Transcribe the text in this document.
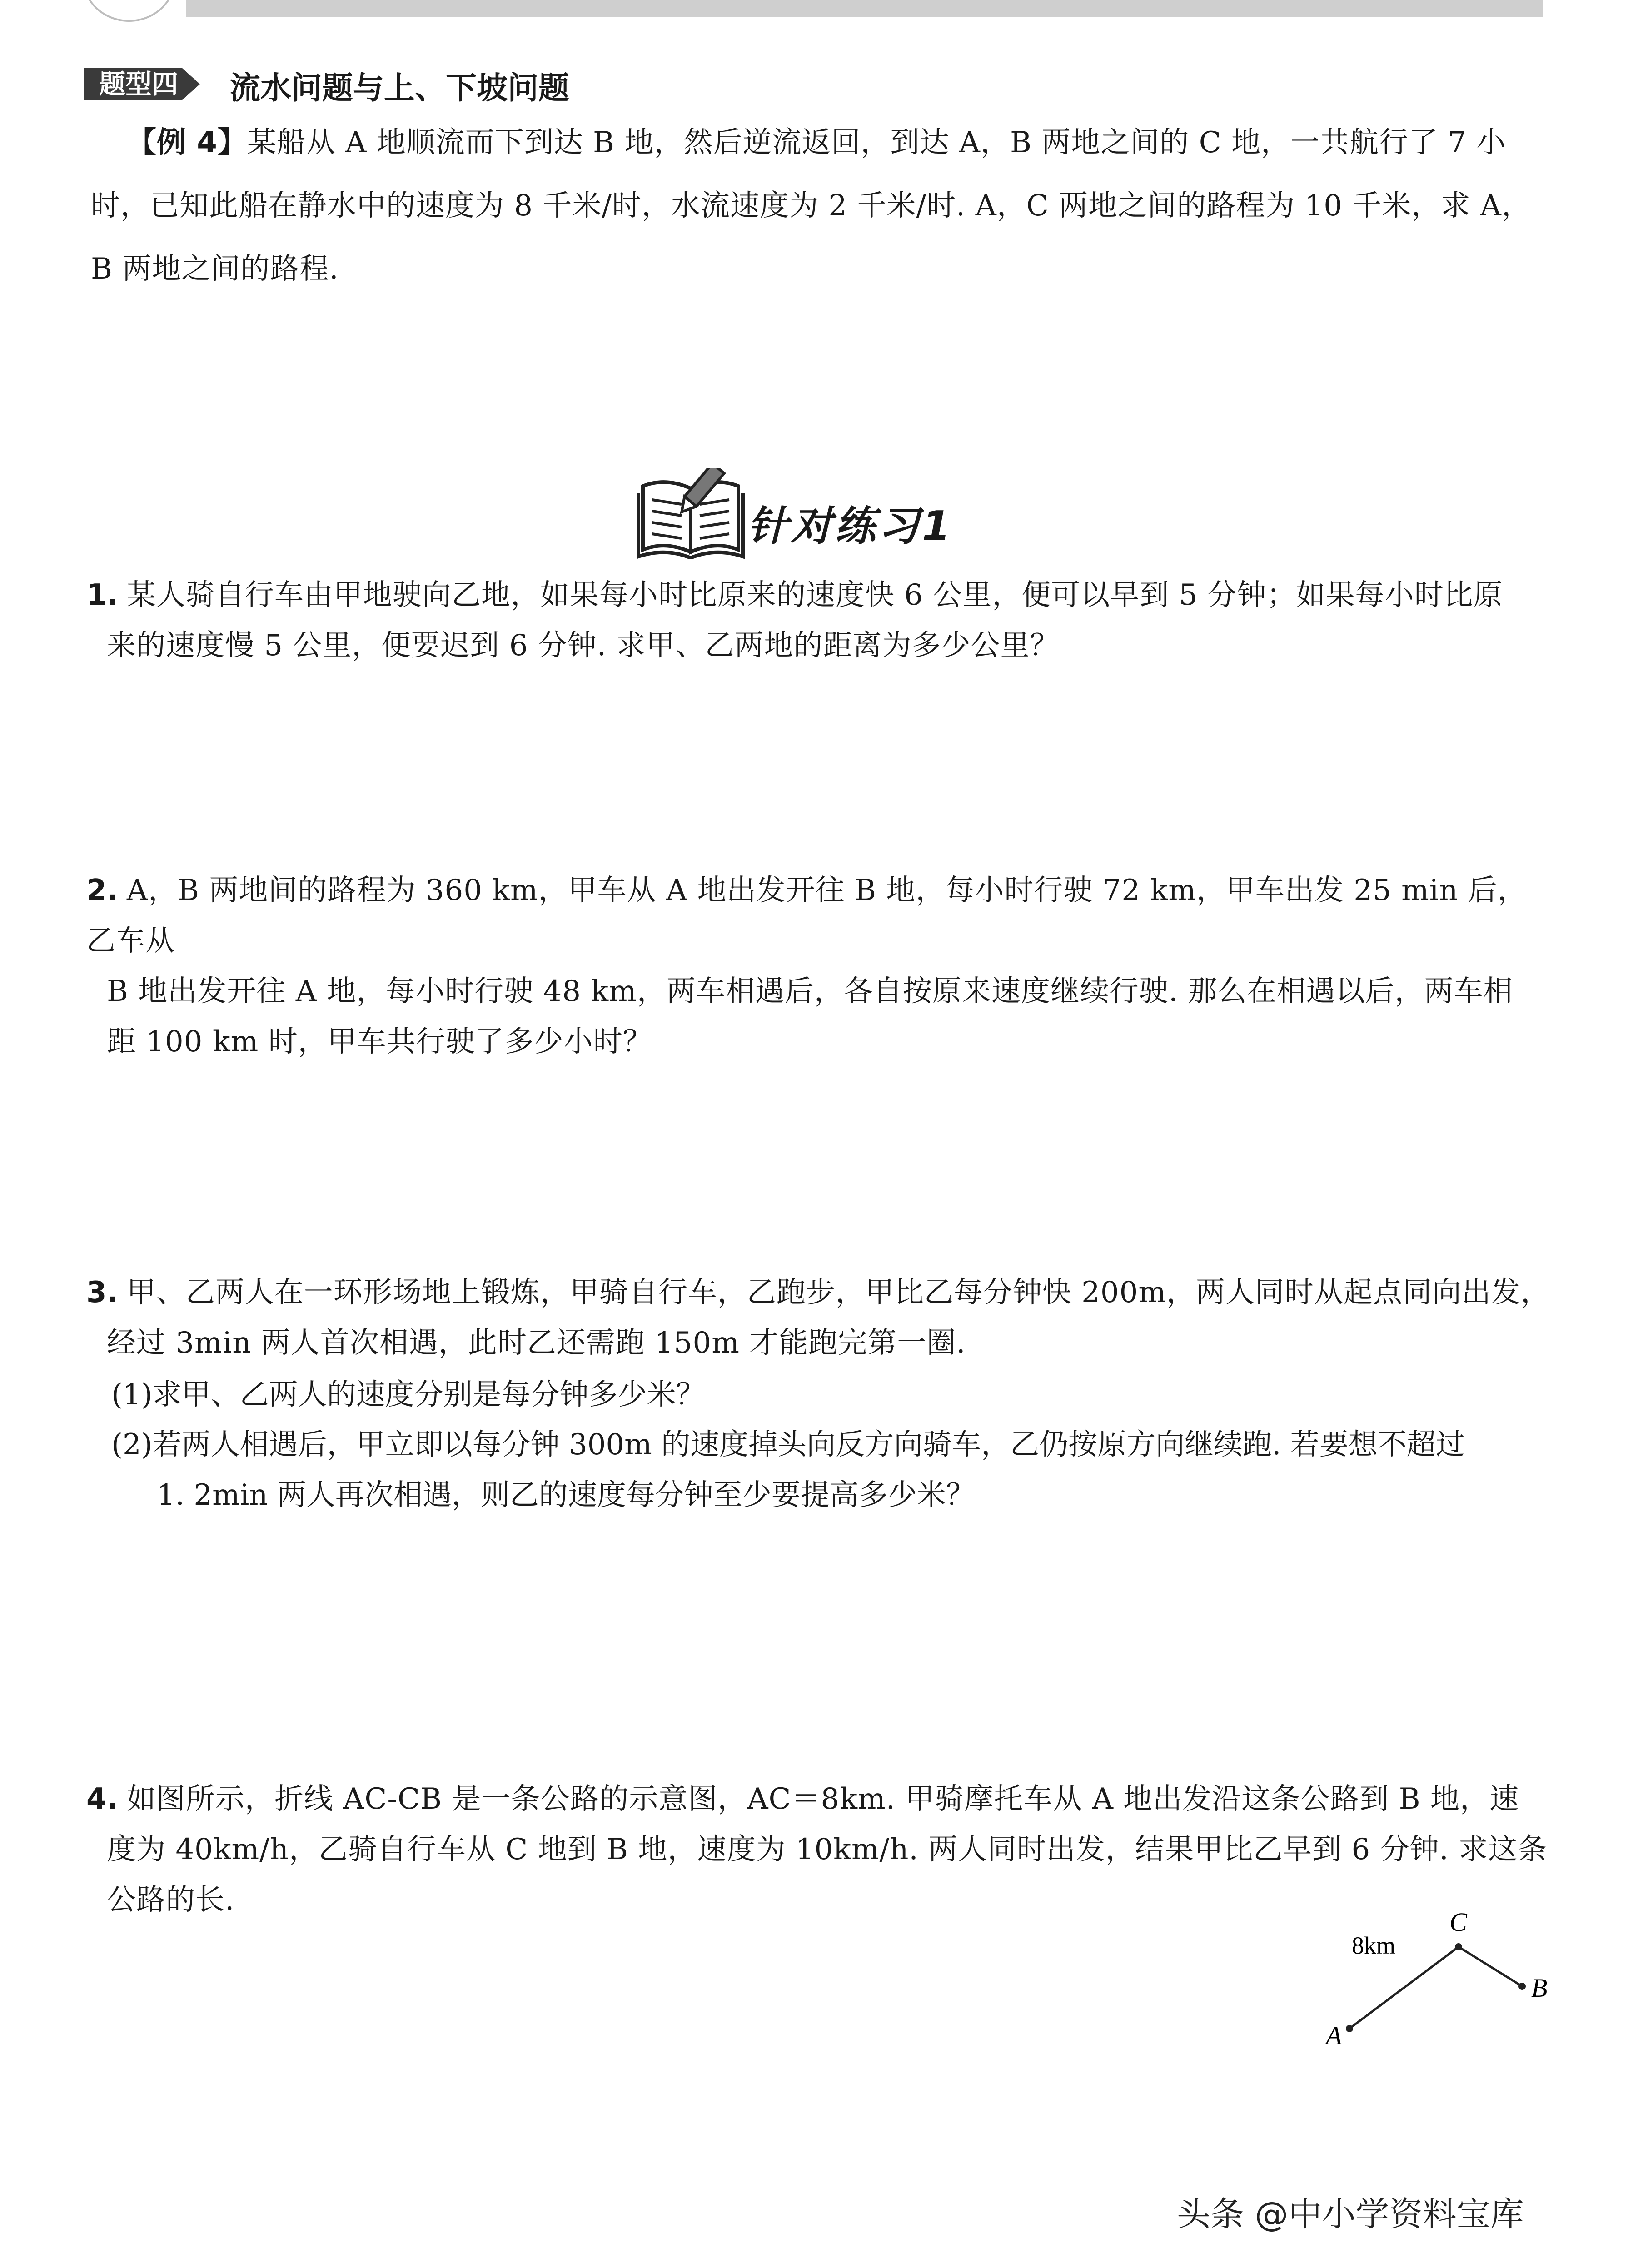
题型四	流水问题与上、下坡问题
【例 4】某船从 A 地顺流而下到达 B 地，然后逆流返回，到达 A，B 两地之间的 C 地，一共航行了 7 小时，已知此船在静水中的速度为 8 千米/时，水流速度为 2 千米/时. A，C 两地之间的路程为 10 千米，求 A，B 两地之间的路程.
针对练习1
1. 某人骑自行车由甲地驶向乙地，如果每小时比原来的速度快 6 公里，便可以早到 5 分钟；如果每小时比原
来的速度慢 5 公里，便要迟到 6 分钟. 求甲、乙两地的距离为多少公里？
2. A，B 两地间的路程为 360 km，甲车从 A 地出发开往 B 地，每小时行驶 72 km，甲车出发 25 min 后，乙车从
B 地出发开往 A 地，每小时行驶 48 km，两车相遇后，各自按原来速度继续行驶. 那么在相遇以后，两车相
距 100 km 时，甲车共行驶了多少小时？
3. 甲、乙两人在一环形场地上锻炼，甲骑自行车，乙跑步，甲比乙每分钟快 200m，两人同时从起点同向出发，
经过 3min 两人首次相遇，此时乙还需跑 150m 才能跑完第一圈.
(1)求甲、乙两人的速度分别是每分钟多少米？
(2)若两人相遇后，甲立即以每分钟 300m 的速度掉头向反方向骑车，乙仍按原方向继续跑. 若要想不超过
1. 2min 两人再次相遇，则乙的速度每分钟至少要提高多少米？
4. 如图所示，折线 AC-CB 是一条公路的示意图，AC＝8km. 甲骑摩托车从 A 地出发沿这条公路到 B 地，速
度为 40km/h，乙骑自行车从 C 地到 B 地，速度为 10km/h. 两人同时出发，结果甲比乙早到 6 分钟. 求这条
公路的长.
A
C
B
8km
头条 @中小学资料宝库
